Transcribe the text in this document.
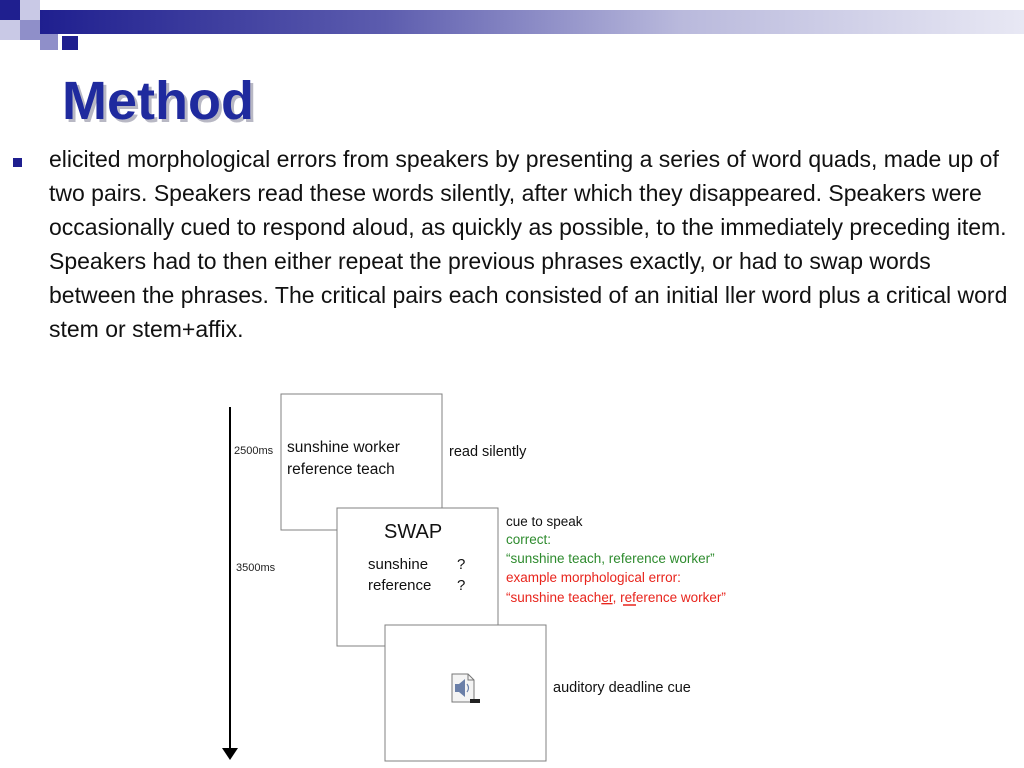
Method

elicited morphological errors from speakers by presenting a series of word quads, made up of two pairs. Speakers read these words silently, after which they disappeared. Speakers were occasionally cued to respond aloud, as quickly as possible, to the immediately preceding item. Speakers had to then either repeat the previous phrases exactly, or had to swap words between the phrases. The critical pairs each consisted of an initial ller word plus a critical word stem or stem+affix.

2500ms
3500ms
sunshine worker
reference teach
read silently
SWAP
sunshine ?
reference ?
cue to speak
correct:
“sunshine teach, reference worker”
example morphological error:
“sunshine teacher, reference worker”
auditory deadline cue
